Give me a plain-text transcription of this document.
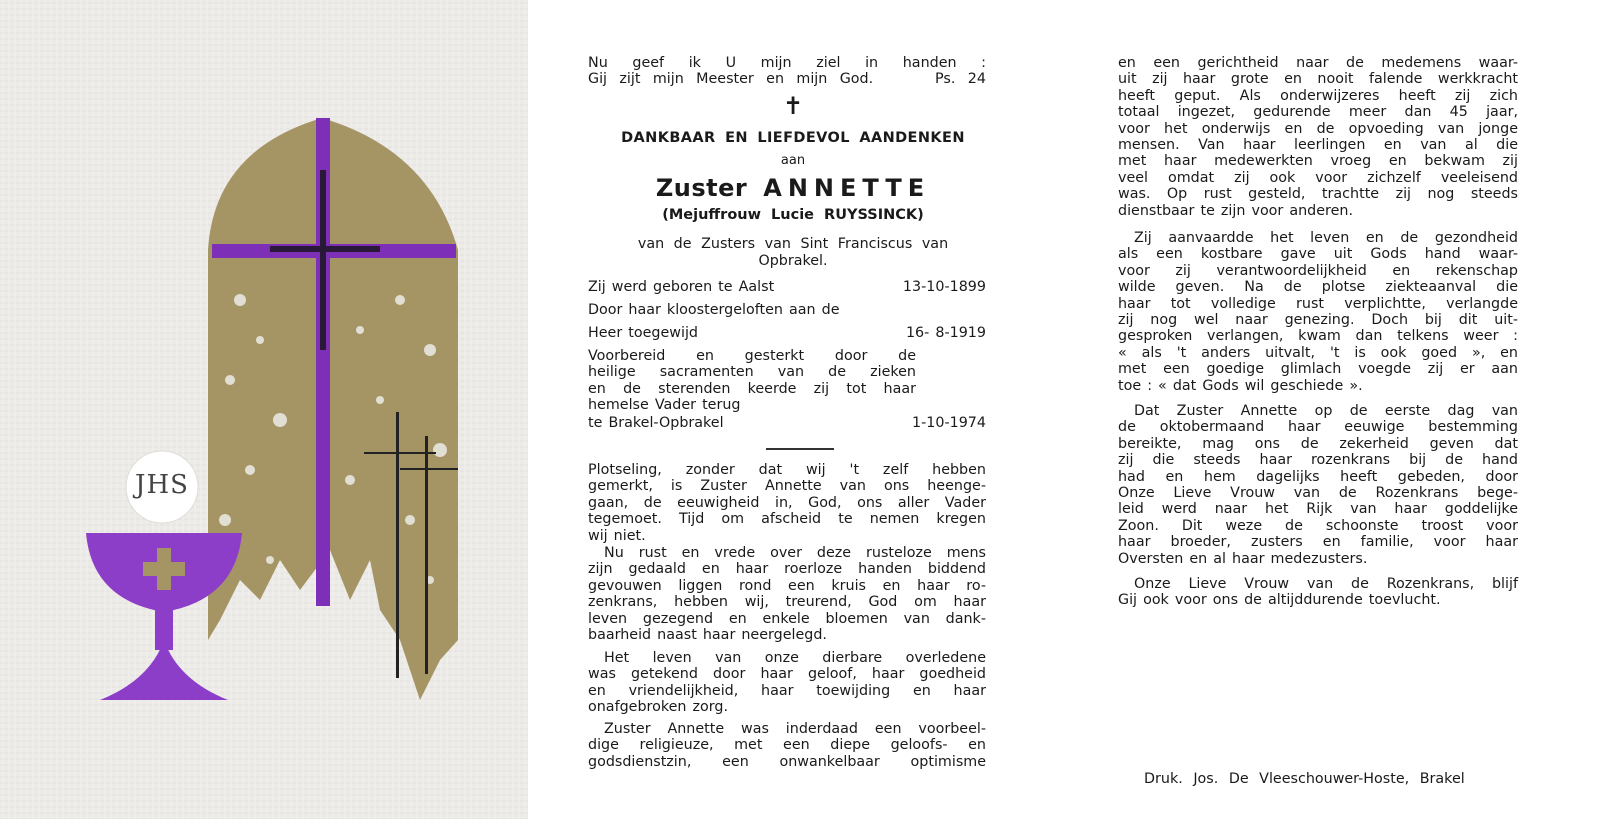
JHS
Nu geef ik U mijn ziel in handen :
Gij zijt mijn Meester en mijn God.     Ps. 24
✝
DANKBAAR EN LIEFDEVOL AANDENKEN
aan
Zuster ANNETTE
(Mejuffrouw Lucie RUYSSINCK)
van de Zusters van Sint Franciscus van
Opbrakel.
Zij werd geboren te Aalst	13-10-1899
Door haar kloostergeloften aan de
Heer toegewijd	16- 8-1919
Voorbereid en gesterkt door de
heilige sacramenten van de zieken
en de sterenden keerde zij tot haar
hemelse Vader terug
te Brakel-Opbrakel	1-10-1974
Plotseling, zonder dat wij 't zelf hebben
gemerkt, is Zuster Annette van ons heenge-
gaan, de eeuwigheid in, God, ons aller Vader
tegemoet. Tijd om afscheid te nemen kregen
wij niet.
Nu rust en vrede over deze rusteloze mens
zijn gedaald en haar roerloze handen biddend
gevouwen liggen rond een kruis en haar ro-
zenkrans, hebben wij, treurend, God om haar
leven gezegend en enkele bloemen van dank-
baarheid naast haar neergelegd.
Het leven van onze dierbare overledene
was getekend door haar geloof, haar goedheid
en vriendelijkheid, haar toewijding en haar
onafgebroken zorg.
Zuster Annette was inderdaad een voorbeel-
dige religieuze, met een diepe geloofs- en
godsdienstzin, een onwankelbaar optimisme
en een gerichtheid naar de medemens waar-
uit zij haar grote en nooit falende werkkracht
heeft geput. Als onderwijzeres heeft zij zich
totaal ingezet, gedurende meer dan 45 jaar,
voor het onderwijs en de opvoeding van jonge
mensen. Van haar leerlingen en van al die
met haar medewerkten vroeg en bekwam zij
veel omdat zij ook voor zichzelf veeleisend
was. Op rust gesteld, trachtte zij nog steeds
dienstbaar te zijn voor anderen.
Zij aanvaardde het leven en de gezondheid
als een kostbare gave uit Gods hand waar-
voor zij verantwoordelijkheid en rekenschap
wilde geven. Na de plotse ziekteaanval die
haar tot volledige rust verplichtte, verlangde
zij nog wel naar genezing. Doch bij dit uit-
gesproken verlangen, kwam dan telkens weer :
« als 't anders uitvalt, 't is ook goed », en
met een goedige glimlach voegde zij er aan
toe : « dat Gods wil geschiede ».
Dat Zuster Annette op de eerste dag van
de oktobermaand haar eeuwige bestemming
bereikte, mag ons de zekerheid geven dat
zij die steeds haar rozenkrans bij de hand
had en hem dagelijks heeft gebeden, door
Onze Lieve Vrouw van de Rozenkrans bege-
leid werd naar het Rijk van haar goddelijke
Zoon. Dit weze de schoonste troost voor
haar broeder, zusters en familie, voor haar
Oversten en al haar medezusters.
Onze Lieve Vrouw van de Rozenkrans, blijf
Gij ook voor ons de altijddurende toevlucht.
Druk. Jos. De Vleeschouwer-Hoste, Brakel
